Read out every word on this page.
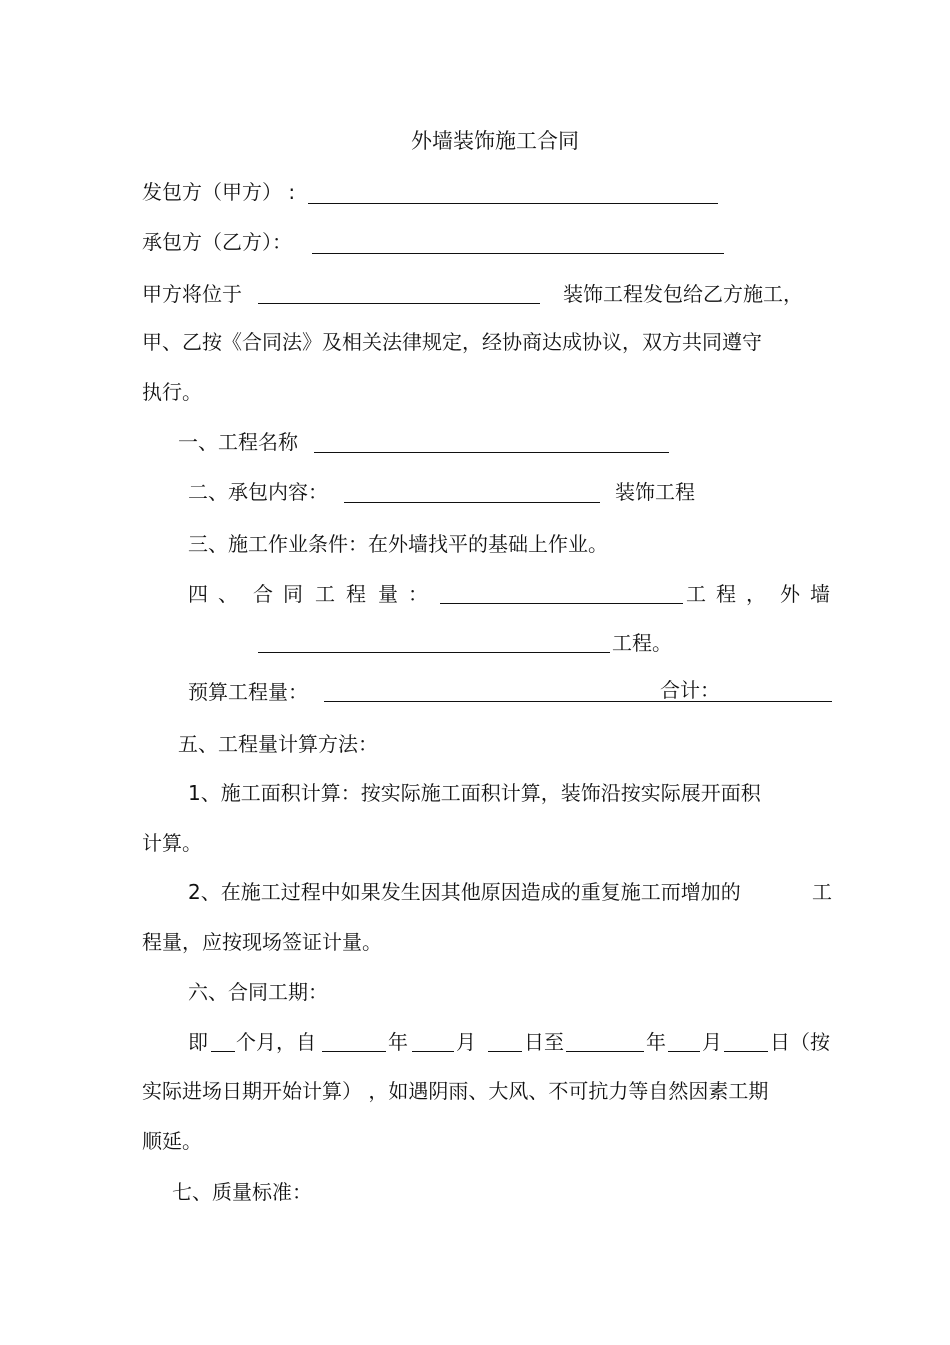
外墙装饰施工合同
发包方（甲方） :
承包方（乙方）：
甲方将位于	装饰工程发包给乙方施工，
甲、乙按《合同法》及相关法律规定，经协商达成协议，双方共同遵守
执行。
一、工程名称
二、承包内容：	装饰工程
三、施工作业条件：在外墙找平的基础上作业。
四 、 合 同 工 程 量 ：	工 程 ， 外 墙
工程。
预算工程量：	合计：
五、工程量计算方法：
1、施工面积计算：按实际施工面积计算，装饰沿按实际展开面积
计算。
2、在施工过程中如果发生因其他原因造成的重复施工而增加的	工
程量，应按现场签证计量。
六、合同工期：
即 个月，自	年 月 日至	年 月 日（按
实际进场日期开始计算） ，如遇阴雨、大风、不可抗力等自然因素工期
顺延。
七、质量标准：
